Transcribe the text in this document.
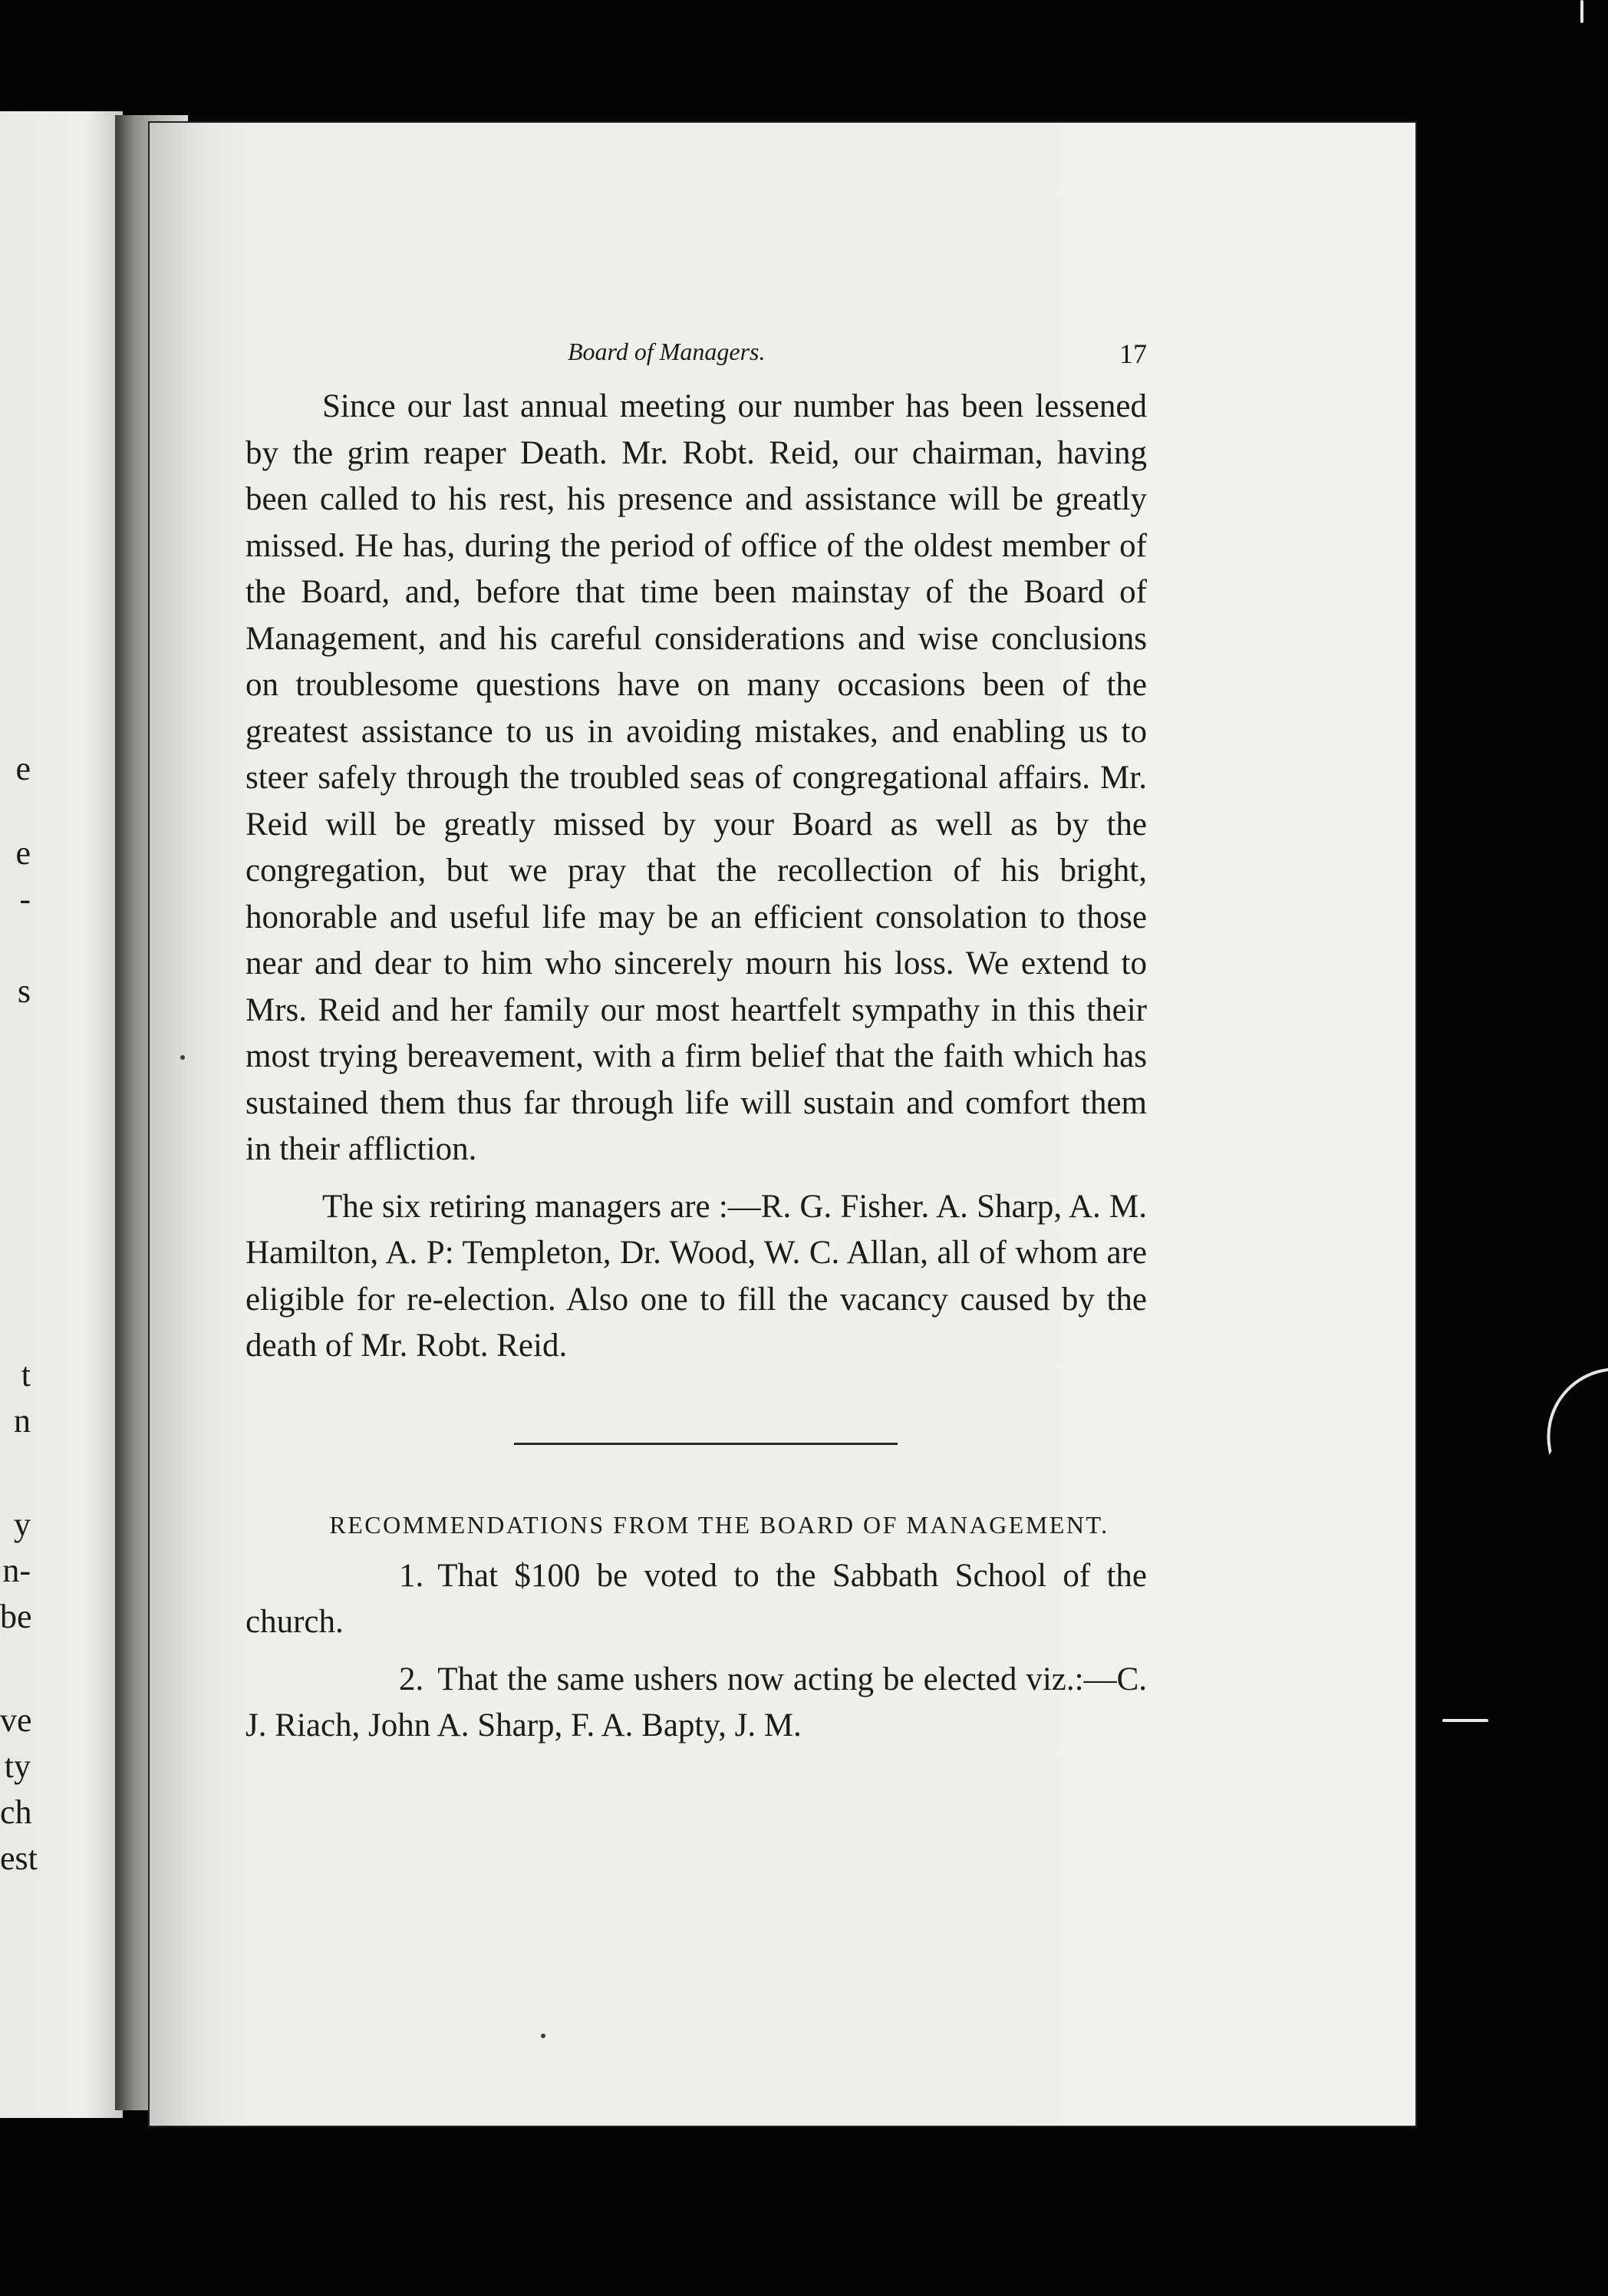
e
e
-
s
t
n
y
n-
be
ve
ty
ch
est
Board of Managers.	17

Since our last annual meeting our number has been lessened by the grim reaper Death. Mr. Robt. Reid, our chairman, having been called to his rest, his presence and assistance will be greatly missed. He has, during the period of office of the oldest member of the Board, and, before that time been mainstay of the Board of Management, and his careful considerations and wise conclusions on troublesome questions have on many occasions been of the greatest assistance to us in avoiding mistakes, and enabling us to steer safely through the troubled seas of congregational affairs. Mr. Reid will be greatly missed by your Board as well as by the congregation, but we pray that the recollection of his bright, honorable and useful life may be an efficient consolation to those near and dear to him who sincerely mourn his loss. We extend to Mrs. Reid and her family our most heartfelt sympathy in this their most trying bereavement, with a firm belief that the faith which has sustained them thus far through life will sustain and comfort them in their affliction.

The six retiring managers are :—R. G. Fisher. A. Sharp, A. M. Hamilton, A. P: Templeton, Dr. Wood, W. C. Allan, all of whom are eligible for re-election. Also one to fill the vacancy caused by the death of Mr. Robt. Reid.

RECOMMENDATIONS FROM THE BOARD OF MANAGEMENT.

1. That $100 be voted to the Sabbath School of the church.

2. That the same ushers now acting be elected viz.:—C. J. Riach, John A. Sharp, F. A. Bapty, J. M.
